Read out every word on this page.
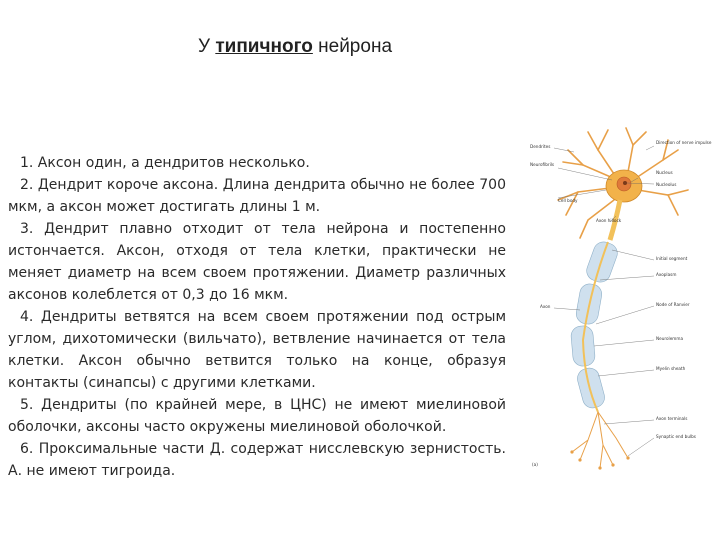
У типичного нейрона

1. Аксон один, а дендритов несколько.

2. Дендрит короче аксона. Длина дендрита обычно не более 700 мкм, а аксон может достигать длины 1 м.

3. Дендрит плавно отходит от тела нейрона и постепенно истончается. Аксон, отходя от тела клетки, практически не меняет диаметр на всем своем протяжении. Диаметр различных аксонов колеблется от 0,3 до 16 мкм.

4. Дендриты ветвятся на всем своем протяжении под острым углом, дихотомически (вильчато), ветвление начинается от тела клетки. Аксон обычно ветвится только на конце, образуя контакты (синапсы) с другими клетками.

5. Дендриты (по крайней мере, в ЦНС) не имеют миелиновой оболочки, аксоны часто окружены миелиновой оболочкой.

6. Проксимальные части Д. содержат нисслевскую зернистость. А. не имеют тигроида.

Dendrites
Neurofibrils
Direction of nerve impulse
Nucleus
Nucleolus
Cell body
Axon hillock
Initial segment
Axoplasm
Node of Ranvier
Neurolemma
Myelin sheath
Axon
Axon terminals
Synaptic end bulbs
(a)
